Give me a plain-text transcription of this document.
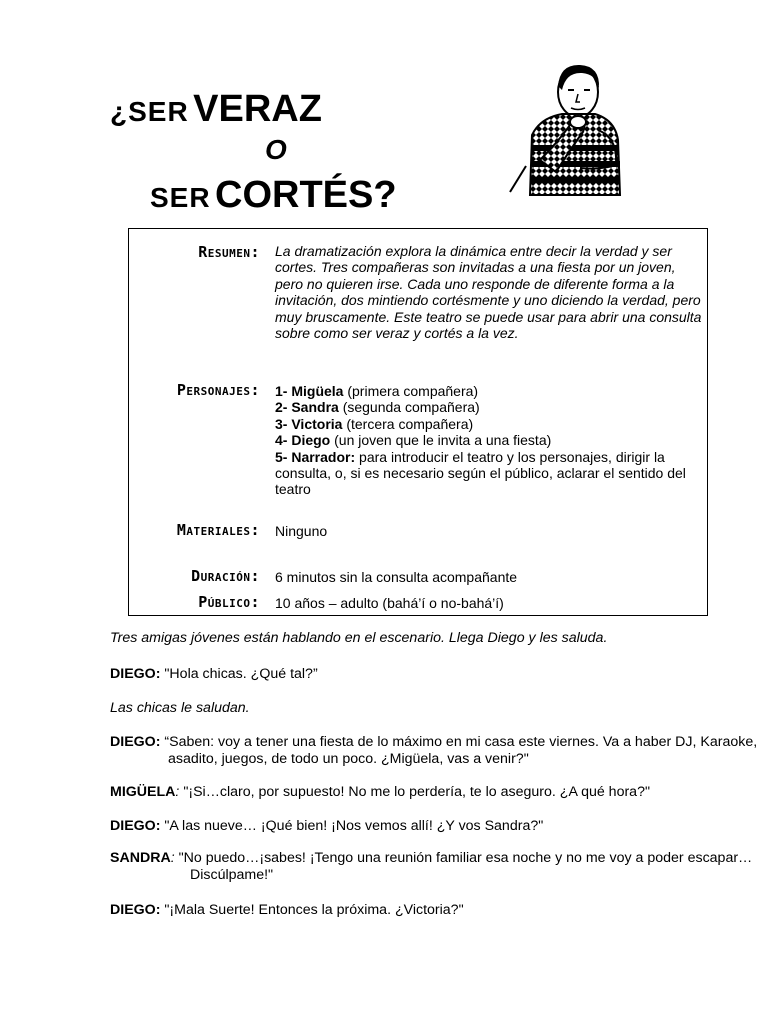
¿SER VERAZ
O
SER CORTÉS?
Resumen: La dramatización explora la dinámica entre decir la verdad y ser cortes. Tres compañeras son invitadas a una fiesta por un joven, pero no quieren irse. Cada uno responde de diferente forma a la invitación, dos mintiendo cortésmente y uno diciendo la verdad, pero muy bruscamente. Este teatro se puede usar para abrir una consulta sobre como ser veraz y cortés a la vez.
Personajes: 1- Migüela (primera compañera)
2- Sandra (segunda compañera)
3- Victoria (tercera compañera)
4- Diego (un joven que le invita a una fiesta)
5- Narrador: para introducir el teatro y los personajes, dirigir la consulta, o, si es necesario según el público, aclarar el sentido del teatro
Materiales: Ninguno
Duración: 6 minutos sin la consulta acompañante
Público: 10 años – adulto (bahá’í o no-bahá’í)
Tres amigas jóvenes están hablando en el escenario. Llega Diego y les saluda.
DIEGO: "Hola chicas. ¿Qué tal?”
Las chicas le saludan.
DIEGO: “Saben: voy a tener una fiesta de lo máximo en mi casa este viernes. Va a haber DJ, Karaoke, asadito, juegos, de todo un poco. ¿Migüela, vas a venir?"
MIGÜELA: "¡Si…claro, por supuesto! No me lo perdería, te lo aseguro. ¿A qué hora?"
DIEGO: "A las nueve… ¡Qué bien! ¡Nos vemos allí! ¿Y vos Sandra?"
SANDRA: "No puedo…¡sabes! ¡Tengo una reunión familiar esa noche y no me voy a poder escapar…Discúlpame!"
DIEGO: "¡Mala Suerte! Entonces la próxima. ¿Victoria?"
